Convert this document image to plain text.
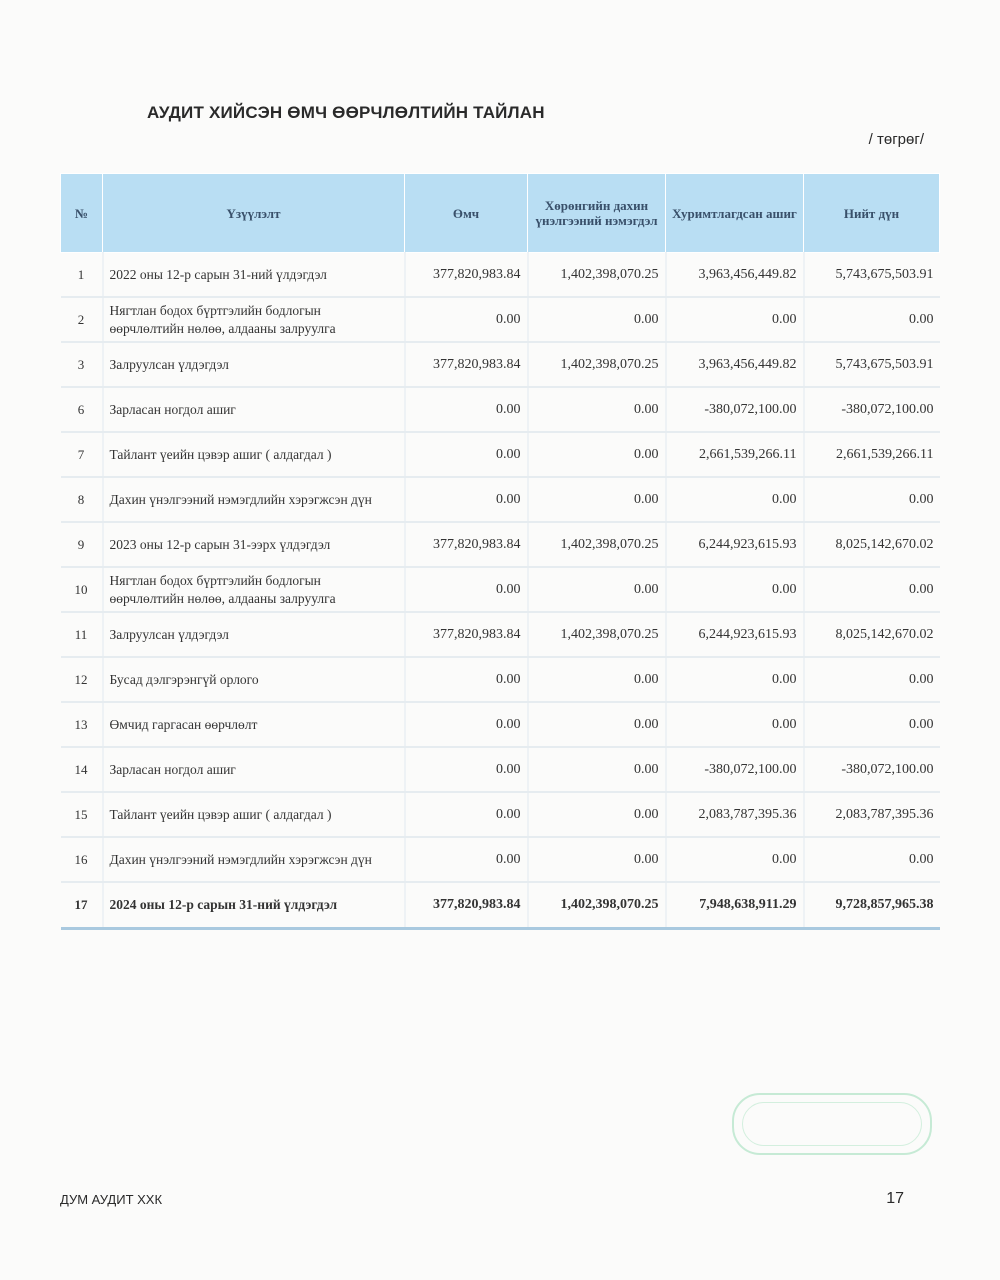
АУДИТ ХИЙСЭН ӨМЧ ӨӨРЧЛӨЛТИЙН ТАЙЛАН
/ төгрөг/
№	Үзүүлэлт	Өмч	Хөрөнгийн дахин үнэлгээний нэмэгдэл	Хуримтлагдсан ашиг	Нийт дүн
1	2022 оны 12-р сарын 31-ний үлдэгдэл	377,820,983.84	1,402,398,070.25	3,963,456,449.82	5,743,675,503.91
2	Нягтлан бодох бүртгэлийн бодлогын өөрчлөлтийн нөлөө, алдааны залруулга	0.00	0.00	0.00	0.00
3	Залруулсан үлдэгдэл	377,820,983.84	1,402,398,070.25	3,963,456,449.82	5,743,675,503.91
6	Зарласан ногдол ашиг	0.00	0.00	-380,072,100.00	-380,072,100.00
7	Тайлант үеийн цэвэр ашиг ( алдагдал )	0.00	0.00	2,661,539,266.11	2,661,539,266.11
8	Дахин үнэлгээний нэмэгдлийн хэрэгжсэн дүн	0.00	0.00	0.00	0.00
9	2023 оны 12-р сарын 31-ээрх үлдэгдэл	377,820,983.84	1,402,398,070.25	6,244,923,615.93	8,025,142,670.02
10	Нягтлан бодох бүртгэлийн бодлогын өөрчлөлтийн нөлөө, алдааны залруулга	0.00	0.00	0.00	0.00
11	Залруулсан үлдэгдэл	377,820,983.84	1,402,398,070.25	6,244,923,615.93	8,025,142,670.02
12	Бусад дэлгэрэнгүй орлого	0.00	0.00	0.00	0.00
13	Өмчид гаргасан өөрчлөлт	0.00	0.00	0.00	0.00
14	Зарласан ногдол ашиг	0.00	0.00	-380,072,100.00	-380,072,100.00
15	Тайлант үеийн цэвэр ашиг ( алдагдал )	0.00	0.00	2,083,787,395.36	2,083,787,395.36
16	Дахин үнэлгээний нэмэгдлийн хэрэгжсэн дүн	0.00	0.00	0.00	0.00
17	2024 оны 12-р сарын 31-ний үлдэгдэл	377,820,983.84	1,402,398,070.25	7,948,638,911.29	9,728,857,965.38
ДУМ АУДИТ ХХК	17
